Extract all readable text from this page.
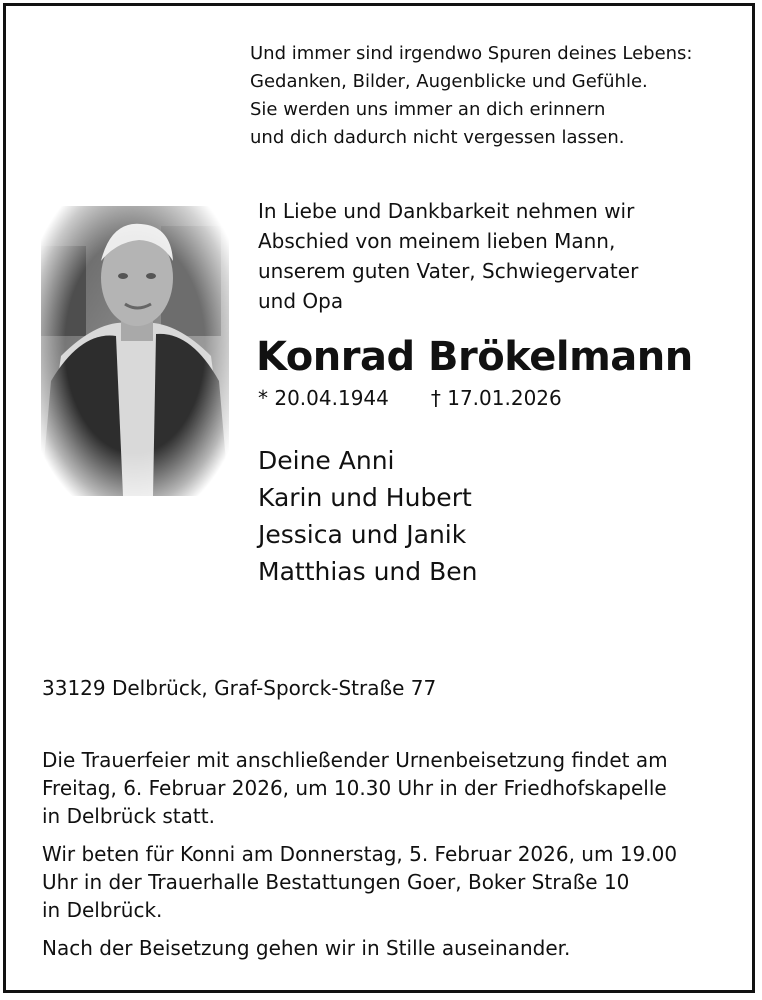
Und immer sind irgendwo Spuren deines Lebens:
Gedanken, Bilder, Augenblicke und Gefühle.
Sie werden uns immer an dich erinnern
und dich dadurch nicht vergessen lassen.
In Liebe und Dankbarkeit nehmen wir
Abschied von meinem lieben Mann,
unserem guten Vater, Schwiegervater
und Opa
Konrad Brökelmann
* 20.04.1944 † 17.01.2026
Deine Anni
Karin und Hubert
Jessica und Janik
Matthias und Ben
33129 Delbrück, Graf-Sporck-Straße 77
Die Trauerfeier mit anschließender Urnenbeisetzung findet am
Freitag, 6. Februar 2026, um 10.30 Uhr in der Friedhofskapelle
in Delbrück statt.
Wir beten für Konni am Donnerstag, 5. Februar 2026, um 19.00
Uhr in der Trauerhalle Bestattungen Goer, Boker Straße 10
in Delbrück.
Nach der Beisetzung gehen wir in Stille auseinander.
